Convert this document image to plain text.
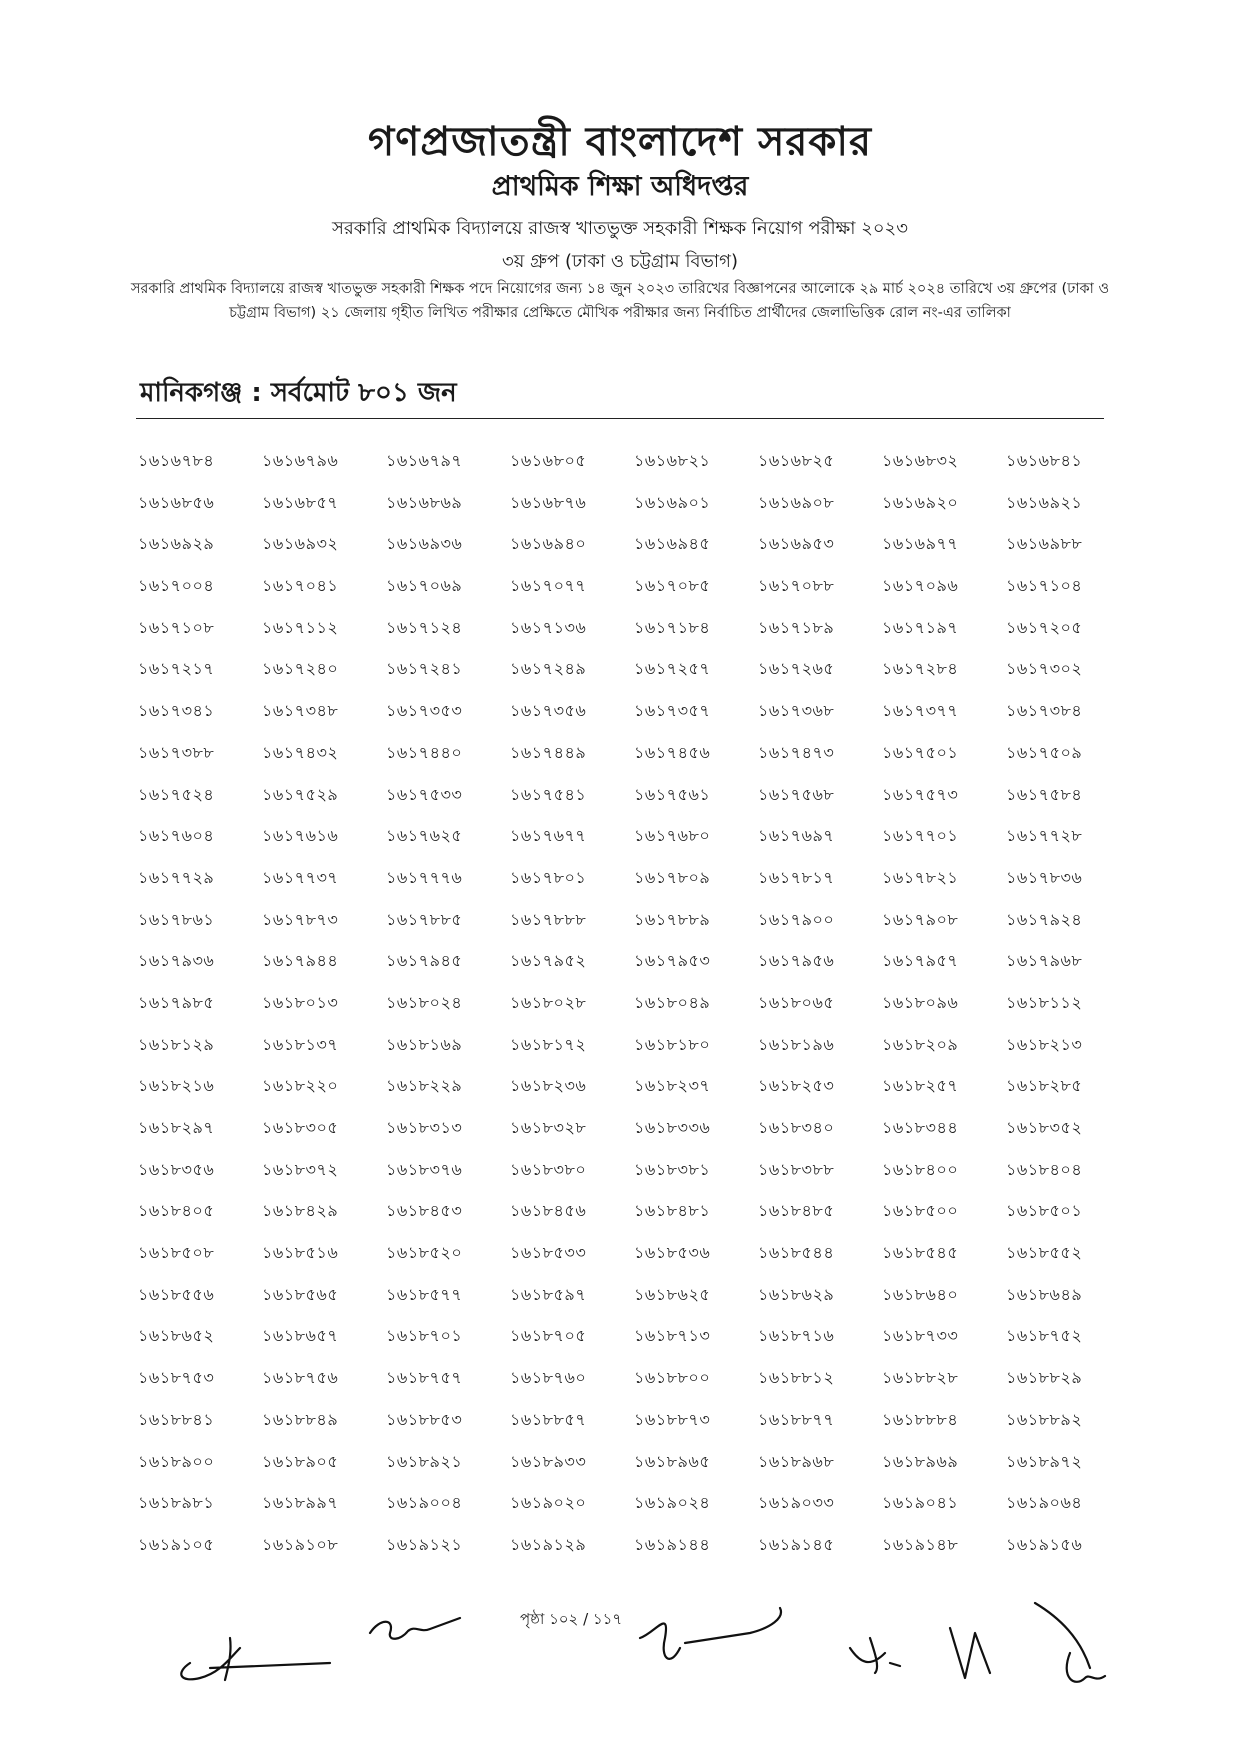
গণপ্রজাতন্ত্রী বাংলাদেশ সরকার
প্রাথমিক শিক্ষা অধিদপ্তর
সরকারি প্রাথমিক বিদ্যালয়ে রাজস্ব খাতভুক্ত সহকারী শিক্ষক নিয়োগ পরীক্ষা ২০২৩
৩য় গ্রুপ (ঢাকা ও চট্টগ্রাম বিভাগ)
সরকারি প্রাথমিক বিদ্যালয়ে রাজস্ব খাতভুক্ত সহকারী শিক্ষক পদে নিয়োগের জন্য ১৪ জুন ২০২৩ তারিখের বিজ্ঞাপনের আলোকে ২৯ মার্চ ২০২৪ তারিখে ৩য় গ্রুপের (ঢাকা ও চট্টগ্রাম বিভাগ) ২১ জেলায় গৃহীত লিখিত পরীক্ষার প্রেক্ষিতে মৌখিক পরীক্ষার জন্য নির্বাচিত প্রার্থীদের জেলাভিত্তিক রোল নং-এর তালিকা
মানিকগঞ্জ : সর্বমোট ৮০১ জন
১৬১৬৭৮৪	১৬১৬৭৯৬	১৬১৬৭৯৭	১৬১৬৮০৫	১৬১৬৮২১	১৬১৬৮২৫	১৬১৬৮৩২	১৬১৬৮৪১
১৬১৬৮৫৬	১৬১৬৮৫৭	১৬১৬৮৬৯	১৬১৬৮৭৬	১৬১৬৯০১	১৬১৬৯০৮	১৬১৬৯২০	১৬১৬৯২১
১৬১৬৯২৯	১৬১৬৯৩২	১৬১৬৯৩৬	১৬১৬৯৪০	১৬১৬৯৪৫	১৬১৬৯৫৩	১৬১৬৯৭৭	১৬১৬৯৮৮
১৬১৭০০৪	১৬১৭০৪১	১৬১৭০৬৯	১৬১৭০৭৭	১৬১৭০৮৫	১৬১৭০৮৮	১৬১৭০৯৬	১৬১৭১০৪
১৬১৭১০৮	১৬১৭১১২	১৬১৭১২৪	১৬১৭১৩৬	১৬১৭১৮৪	১৬১৭১৮৯	১৬১৭১৯৭	১৬১৭২০৫
১৬১৭২১৭	১৬১৭২৪০	১৬১৭২৪১	১৬১৭২৪৯	১৬১৭২৫৭	১৬১৭২৬৫	১৬১৭২৮৪	১৬১৭৩০২
১৬১৭৩৪১	১৬১৭৩৪৮	১৬১৭৩৫৩	১৬১৭৩৫৬	১৬১৭৩৫৭	১৬১৭৩৬৮	১৬১৭৩৭৭	১৬১৭৩৮৪
১৬১৭৩৮৮	১৬১৭৪৩২	১৬১৭৪৪০	১৬১৭৪৪৯	১৬১৭৪৫৬	১৬১৭৪৭৩	১৬১৭৫০১	১৬১৭৫০৯
১৬১৭৫২৪	১৬১৭৫২৯	১৬১৭৫৩৩	১৬১৭৫৪১	১৬১৭৫৬১	১৬১৭৫৬৮	১৬১৭৫৭৩	১৬১৭৫৮৪
১৬১৭৬০৪	১৬১৭৬১৬	১৬১৭৬২৫	১৬১৭৬৭৭	১৬১৭৬৮০	১৬১৭৬৯৭	১৬১৭৭০১	১৬১৭৭২৮
১৬১৭৭২৯	১৬১৭৭৩৭	১৬১৭৭৭৬	১৬১৭৮০১	১৬১৭৮০৯	১৬১৭৮১৭	১৬১৭৮২১	১৬১৭৮৩৬
১৬১৭৮৬১	১৬১৭৮৭৩	১৬১৭৮৮৫	১৬১৭৮৮৮	১৬১৭৮৮৯	১৬১৭৯০০	১৬১৭৯০৮	১৬১৭৯২৪
১৬১৭৯৩৬	১৬১৭৯৪৪	১৬১৭৯৪৫	১৬১৭৯৫২	১৬১৭৯৫৩	১৬১৭৯৫৬	১৬১৭৯৫৭	১৬১৭৯৬৮
১৬১৭৯৮৫	১৬১৮০১৩	১৬১৮০২৪	১৬১৮০২৮	১৬১৮০৪৯	১৬১৮০৬৫	১৬১৮০৯৬	১৬১৮১১২
১৬১৮১২৯	১৬১৮১৩৭	১৬১৮১৬৯	১৬১৮১৭২	১৬১৮১৮০	১৬১৮১৯৬	১৬১৮২০৯	১৬১৮২১৩
১৬১৮২১৬	১৬১৮২২০	১৬১৮২২৯	১৬১৮২৩৬	১৬১৮২৩৭	১৬১৮২৫৩	১৬১৮২৫৭	১৬১৮২৮৫
১৬১৮২৯৭	১৬১৮৩০৫	১৬১৮৩১৩	১৬১৮৩২৮	১৬১৮৩৩৬	১৬১৮৩৪০	১৬১৮৩৪৪	১৬১৮৩৫২
১৬১৮৩৫৬	১৬১৮৩৭২	১৬১৮৩৭৬	১৬১৮৩৮০	১৬১৮৩৮১	১৬১৮৩৮৮	১৬১৮৪০০	১৬১৮৪০৪
১৬১৮৪০৫	১৬১৮৪২৯	১৬১৮৪৫৩	১৬১৮৪৫৬	১৬১৮৪৮১	১৬১৮৪৮৫	১৬১৮৫০০	১৬১৮৫০১
১৬১৮৫০৮	১৬১৮৫১৬	১৬১৮৫২০	১৬১৮৫৩৩	১৬১৮৫৩৬	১৬১৮৫৪৪	১৬১৮৫৪৫	১৬১৮৫৫২
১৬১৮৫৫৬	১৬১৮৫৬৫	১৬১৮৫৭৭	১৬১৮৫৯৭	১৬১৮৬২৫	১৬১৮৬২৯	১৬১৮৬৪০	১৬১৮৬৪৯
১৬১৮৬৫২	১৬১৮৬৫৭	১৬১৮৭০১	১৬১৮৭০৫	১৬১৮৭১৩	১৬১৮৭১৬	১৬১৮৭৩৩	১৬১৮৭৫২
১৬১৮৭৫৩	১৬১৮৭৫৬	১৬১৮৭৫৭	১৬১৮৭৬০	১৬১৮৮০০	১৬১৮৮১২	১৬১৮৮২৮	১৬১৮৮২৯
১৬১৮৮৪১	১৬১৮৮৪৯	১৬১৮৮৫৩	১৬১৮৮৫৭	১৬১৮৮৭৩	১৬১৮৮৭৭	১৬১৮৮৮৪	১৬১৮৮৯২
১৬১৮৯০০	১৬১৮৯০৫	১৬১৮৯২১	১৬১৮৯৩৩	১৬১৮৯৬৫	১৬১৮৯৬৮	১৬১৮৯৬৯	১৬১৮৯৭২
১৬১৮৯৮১	১৬১৮৯৯৭	১৬১৯০০৪	১৬১৯০২০	১৬১৯০২৪	১৬১৯০৩৩	১৬১৯০৪১	১৬১৯০৬৪
১৬১৯১০৫	১৬১৯১০৮	১৬১৯১২১	১৬১৯১২৯	১৬১৯১৪৪	১৬১৯১৪৫	১৬১৯১৪৮	১৬১৯১৫৬
পৃষ্ঠা ১০২ / ১১৭
